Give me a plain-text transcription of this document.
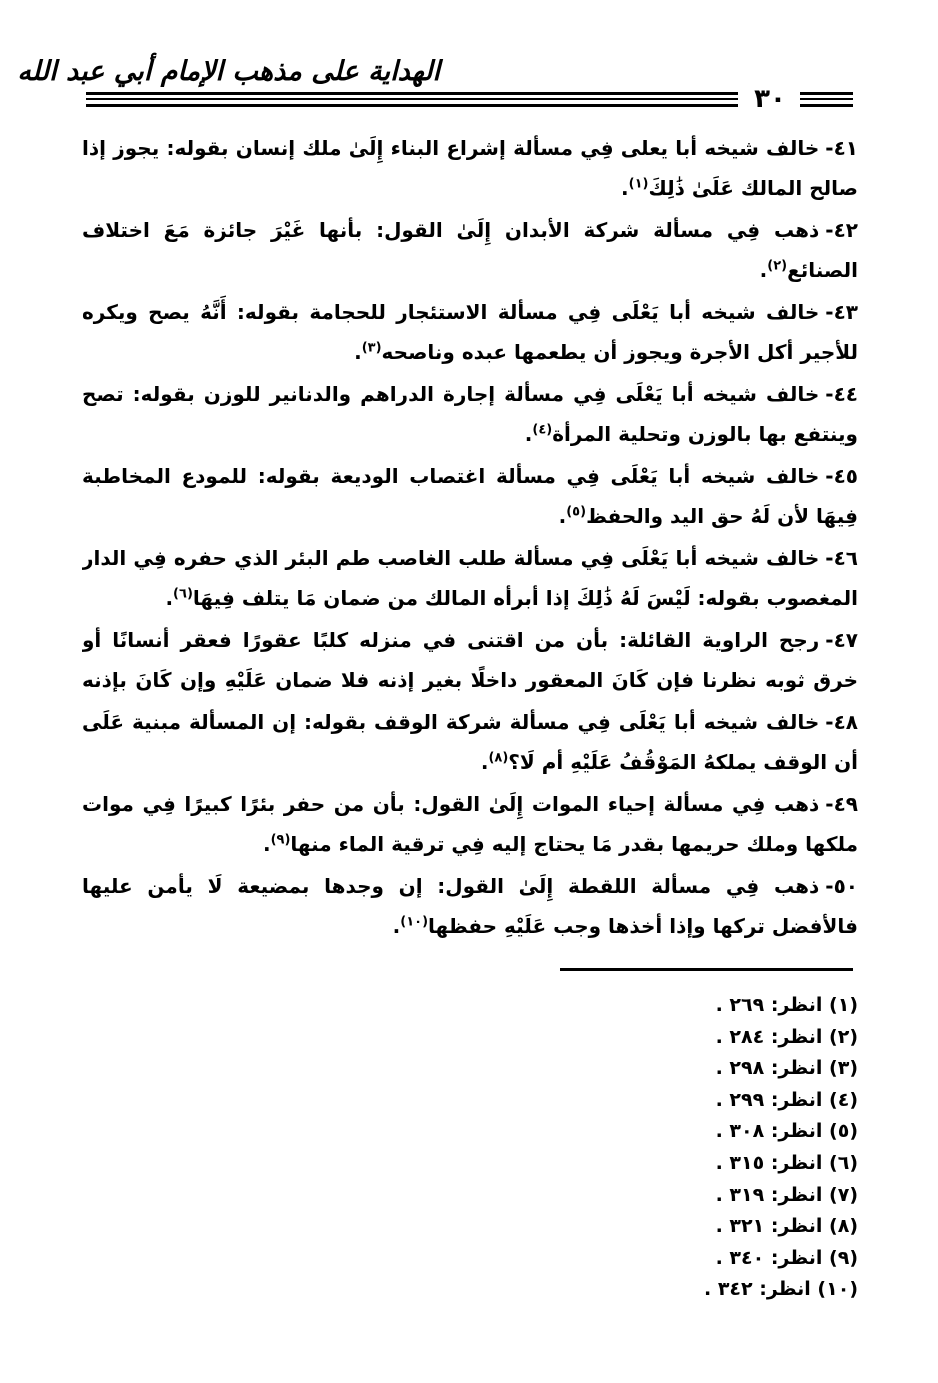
الهداية على مذهب الإمام أبي عبد الله
٣٠

٤١-خالف شيخه أبا يعلى فِي مسألة إشراع البناء إِلَىٰ ملك إنسان بقوله: يجوز إذا صالح المالك عَلَىٰ ذَٰلِكَ$^{(١)}$.

٤٢-ذهب فِي مسألة شركة الأبدان إِلَىٰ القول: بأنها غَيْرَ جائزة مَعَ اختلاف الصنائع$^{(٢)}$.

٤٣-خالف شيخه أبا يَعْلَى فِي مسألة الاستئجار للحجامة بقوله: أَنَّهُ يصح ويكره للأجير أكل الأجرة ويجوز أن يطعمها عبده وناصحه$^{(٣)}$.

٤٤-خالف شيخه أبا يَعْلَى فِي مسألة إجارة الدراهم والدنانير للوزن بقوله: تصح وينتفع بها بالوزن وتحلية المرأة$^{(٤)}$.

٤٥-خالف شيخه أبا يَعْلَى فِي مسألة اغتصاب الوديعة بقوله: للمودع المخاطبة فِيهَا لأن لَهُ حق اليد والحفظ$^{(٥)}$.

٤٦-خالف شيخه أبا يَعْلَى فِي مسألة طلب الغاصب طم البئر الذي حفره فِي الدار المغصوب بقوله: لَيْسَ لَهُ ذَٰلِكَ إذا أبرأه المالك من ضمان مَا يتلف فِيهَا$^{(٦)}$.

٤٧-رجح الراوية القائلة: بأن من اقتنى في منزله كلبًا عقورًا فعقر أنسانًا أو خرق ثوبه نظرنا فإن كَانَ المعقور داخلًا بغير إذنه فلا ضمان عَلَيْهِ وإن كَانَ بإذنه

٤٨-خالف شيخه أبا يَعْلَى فِي مسألة شركة الوقف بقوله: إن المسألة مبنية عَلَى أن الوقف يملكهُ المَوْقُفُ عَلَيْهِ أم لَا؟$^{(٨)}$.

٤٩-ذهب فِي مسألة إحياء الموات إِلَىٰ القول: بأن من حفر بئرًا كبيرًا فِي موات ملكها وملك حريمها بقدر مَا يحتاج إليه فِي ترقية الماء منها$^{(٩)}$.

٥٠-ذهب فِي مسألة اللقطة إِلَىٰ القول: إن وجدها بمضيعة لَا يأمن عليها فالأفضل تركها وإذا أخذها وجب عَلَيْهِ حفظها$^{(١٠)}$.

(١) انظر: ٢٦٩ .
(٢) انظر: ٢٨٤ .
(٣) انظر: ٢٩٨ .
(٤) انظر: ٢٩٩ .
(٥) انظر: ٣٠٨ .
(٦) انظر: ٣١٥ .
(٧) انظر: ٣١٩ .
(٨) انظر: ٣٢١ .
(٩) انظر: ٣٤٠ .
(١٠) انظر: ٣٤٢ .
